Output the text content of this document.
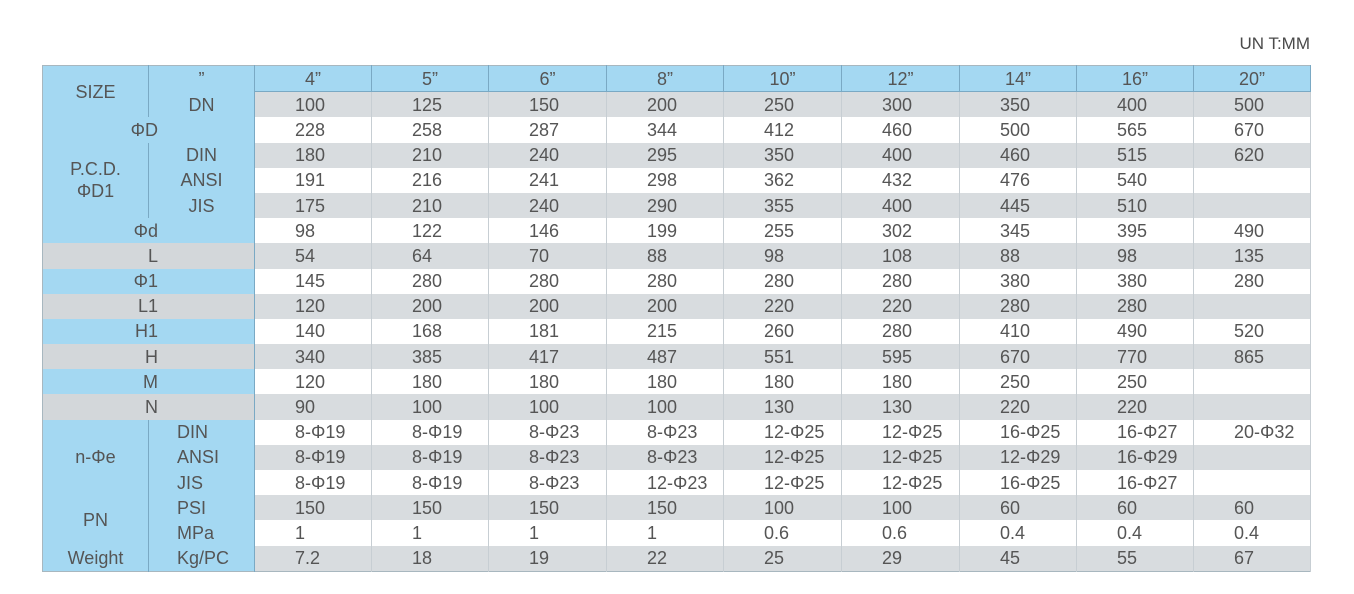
UN T:MM
SIZE	”	4”	5”	6”	8”	10”	12”	14”	16”	20”
	DN	100	125	150	200	250	300	350	400	500
ΦD		228	258	287	344	412	460	500	565	670

P.C.D.
ΦD1	DIN	180	210	240	295	350	400	460	515	620
	ANSI	191	216	241	298	362	432	476	540	
	JIS	175	210	240	290	355	400	445	510	
Φd		98	122	146	199	255	302	345	395	490
L		54	64	70	88	98	108	88	98	135
Φ1		145	280	280	280	280	280	380	380	280
L1		120	200	200	200	220	220	280	280	
H1		140	168	181	215	260	280	410	490	520
H		340	385	417	487	551	595	670	770	865
M		120	180	180	180	180	180	250	250	
N		90	100	100	100	130	130	220	220	
n-Φe	DIN	8-Φ19	8-Φ19	8-Φ23	8-Φ23	12-Φ25	12-Φ25	16-Φ25	16-Φ27	20-Φ32
	ANSI	8-Φ19	8-Φ19	8-Φ23	8-Φ23	12-Φ25	12-Φ25	12-Φ29	16-Φ29	
	JIS	8-Φ19	8-Φ19	8-Φ23	12-Φ23	12-Φ25	12-Φ25	16-Φ25	16-Φ27	
PN	PSI	150	150	150	150	100	100	60	60	60
	MPa	1	1	1	1	0.6	0.6	0.4	0.4	0.4
Weight	Kg/PC	7.2	18	19	22	25	29	45	55	67
